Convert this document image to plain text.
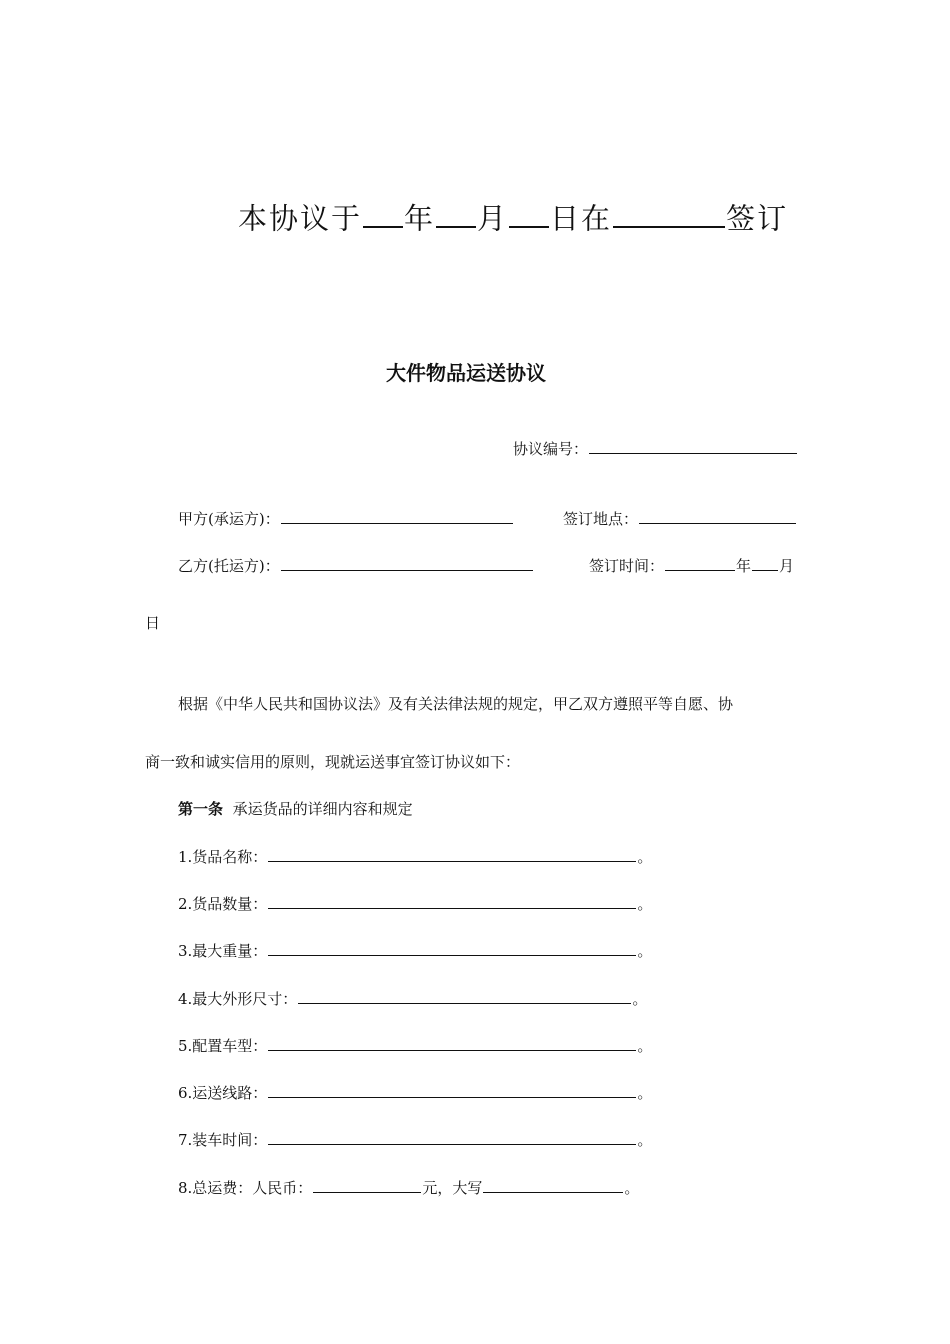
本协议于 年 月 日在	签订
大件物品运送协议
协议编号：
甲方(承运方)：	签订地点：
乙方(托运方)：	签订时间：	年 月
日
根据《中华人民共和国协议法》及有关法律法规的规定，甲乙双方遵照平等自愿、协
商一致和诚实信用的原则，现就运送事宜签订协议如下：
第一条 承运货品的详细内容和规定
1.货品名称：	。
2.货品数量：	。
3.最大重量：	。
4.最大外形尺寸：	。
5.配置车型：	。
6.运送线路：	。
7.装车时间：	。
8.总运费：人民币：	元，大写	。
